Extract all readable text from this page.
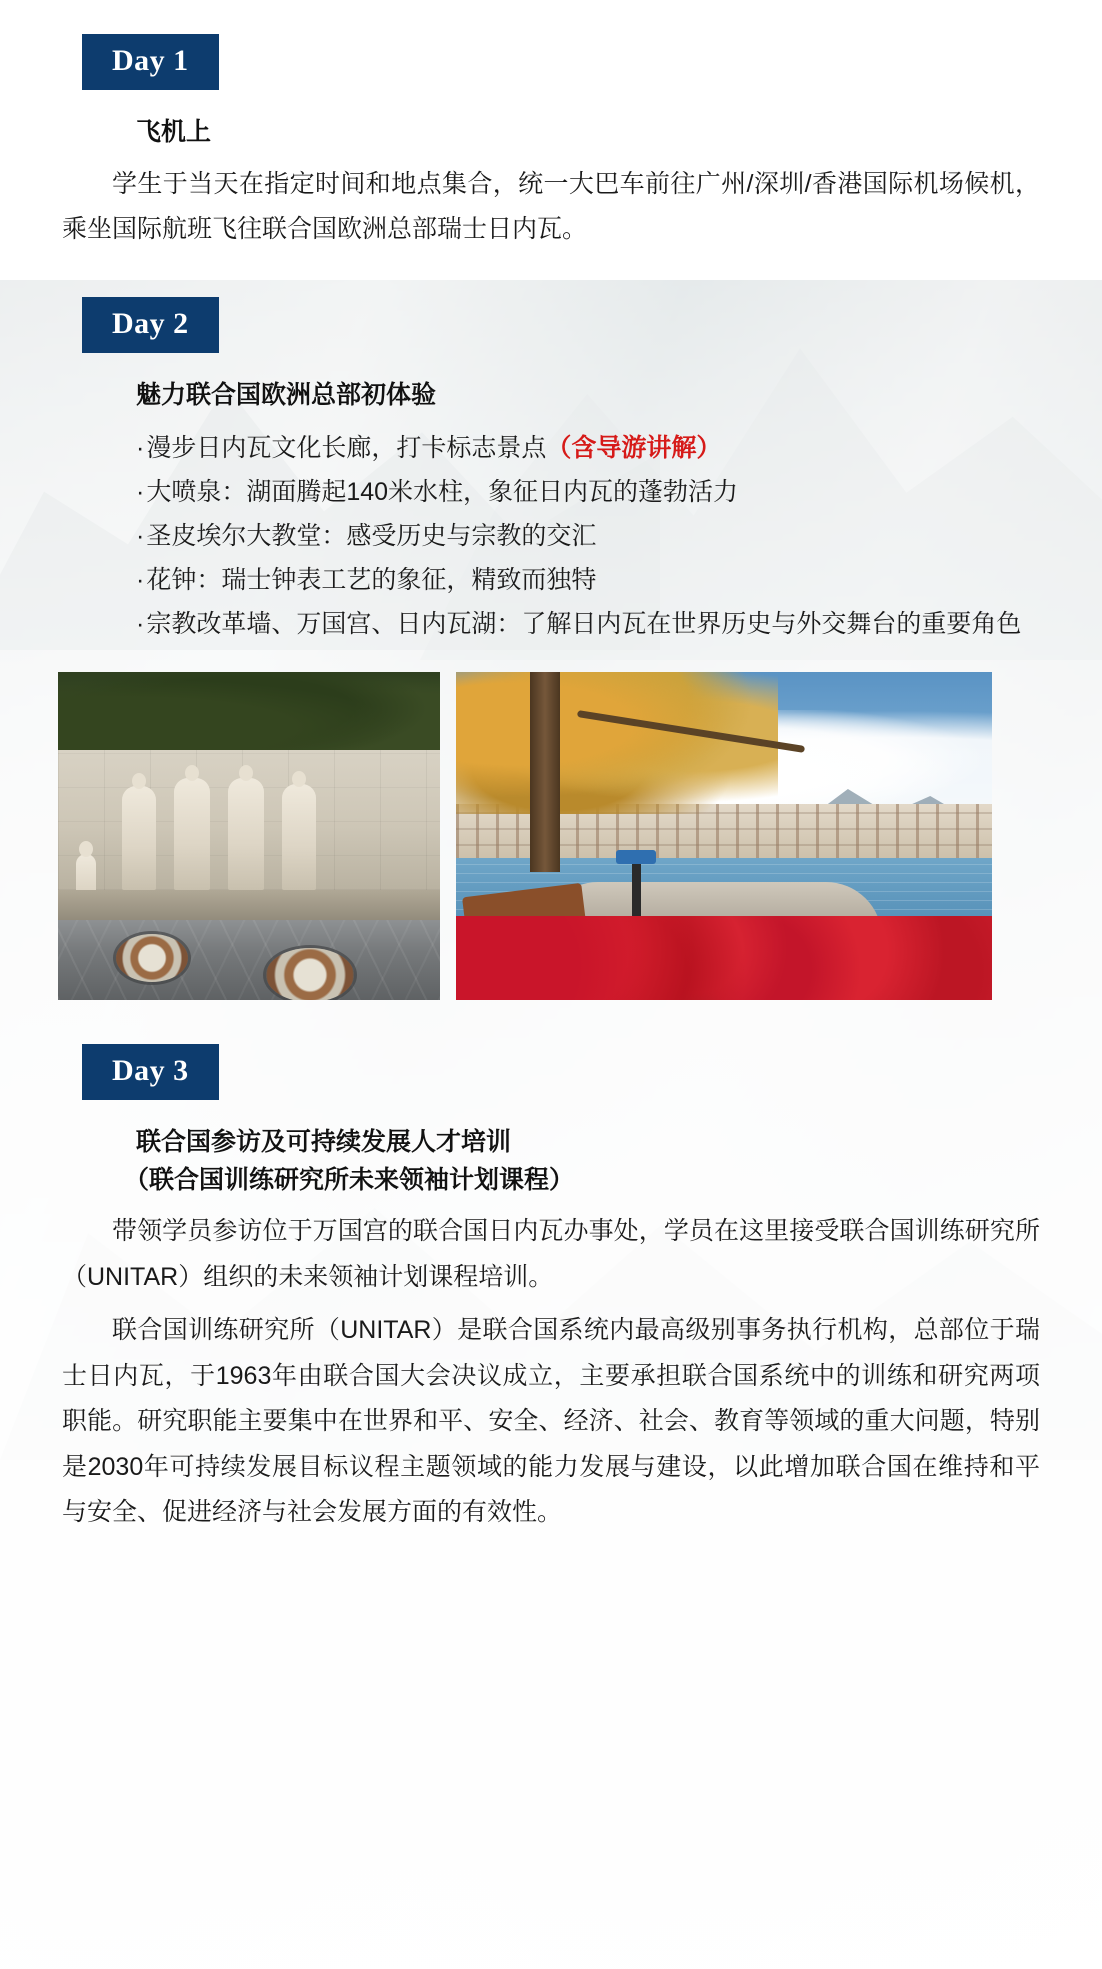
Day 1
飞机上

学生于当天在指定时间和地点集合，统一大巴车前往广州/深圳/香港国际机场候机，乘坐国际航班飞往联合国欧洲总部瑞士日内瓦。

Day 2
魅力联合国欧洲总部初体验
·漫步日内瓦文化长廊，打卡标志景点（含导游讲解）
·大喷泉：湖面腾起140米水柱，象征日内瓦的蓬勃活力
·圣皮埃尔大教堂：感受历史与宗教的交汇
·花钟：瑞士钟表工艺的象征，精致而独特
·宗教改革墙、万国宫、日内瓦湖：了解日内瓦在世界历史与外交舞台的重要角色
Day 3
联合国参访及可持续发展人才培训
（联合国训练研究所未来领袖计划课程）

带领学员参访位于万国宫的联合国日内瓦办事处，学员在这里接受联合国训练研究所（UNITAR）组织的未来领袖计划课程培训。

联合国训练研究所（UNITAR）是联合国系统内最高级别事务执行机构，总部位于瑞士日内瓦，于1963年由联合国大会决议成立，主要承担联合国系统中的训练和研究两项职能。研究职能主要集中在世界和平、安全、经济、社会、教育等领域的重大问题，特别是2030年可持续发展目标议程主题领域的能力发展与建设，以此增加联合国在维持和平与安全、促进经济与社会发展方面的有效性。
